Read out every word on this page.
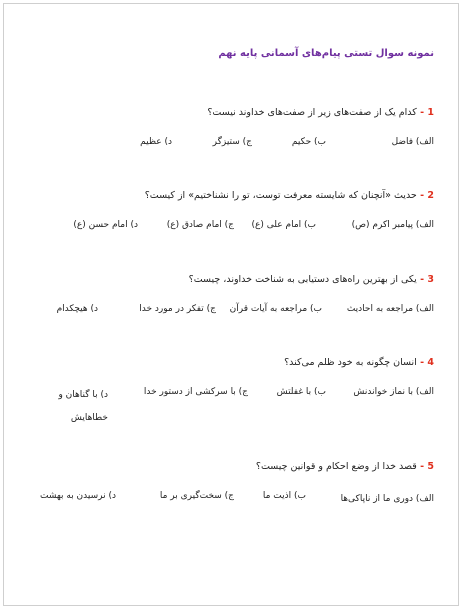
نمونه سوال تستی پیام‌های آسمانی پایه نهم
1 - کدام یک از صفت‌های زیر از صفت‌های خداوند نیست؟
الف) فاضل
ب) حکیم
ج) ستیزگر
د) عظیم
2 - حدیث «آنچنان که شایسته معرفت توست، تو را نشناختیم» از کیست؟
الف) پیامبر اکرم (ص)
ب) امام علی (ع)
ج) امام صادق (ع)
د) امام حسن (ع)
3 - یکی از بهترین راه‌های دستیابی به شناخت خداوند، چیست؟
الف) مراجعه به احادیث
ب) مراجعه به آیات قرآن
ج) تفکر در مورد خدا
د) هیچکدام
4 - انسان چگونه به خود ظلم می‌کند؟
الف) با نماز خواندنش
ب) با غفلتش
ج) با سرکشی از دستور خدا
د) با گناهان و خطاهایش
5 - قصد خدا از وضع احکام و قوانین چیست؟
الف) دوری ما از ناپاکی‌ها
ب) اذیت ما
ج) سخت‌گیری بر ما
د) نرسیدن به بهشت
